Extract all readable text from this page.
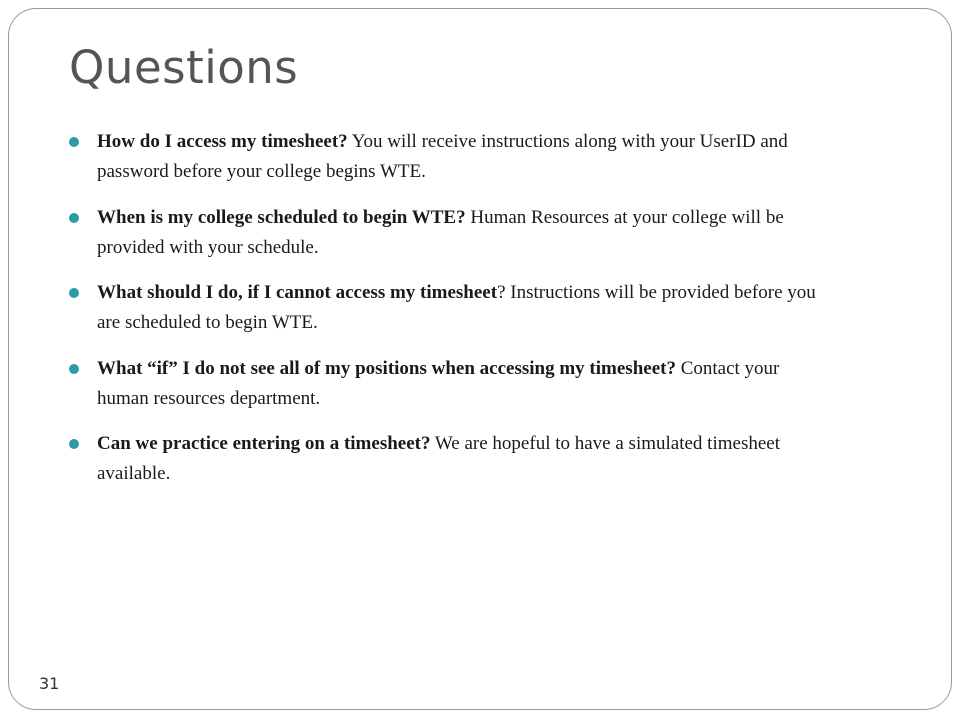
Questions
How do I access my timesheet? You will receive instructions along with your UserID and password before your college begins WTE.
When is my college scheduled to begin WTE? Human Resources at your college will be provided with your schedule.
What should I do, if I cannot access my timesheet? Instructions will be provided before you are scheduled to begin WTE.
What “if” I do not see all of my positions when accessing my timesheet? Contact your human resources department.
Can we practice entering on a timesheet? We are hopeful to have a simulated timesheet available.
31
